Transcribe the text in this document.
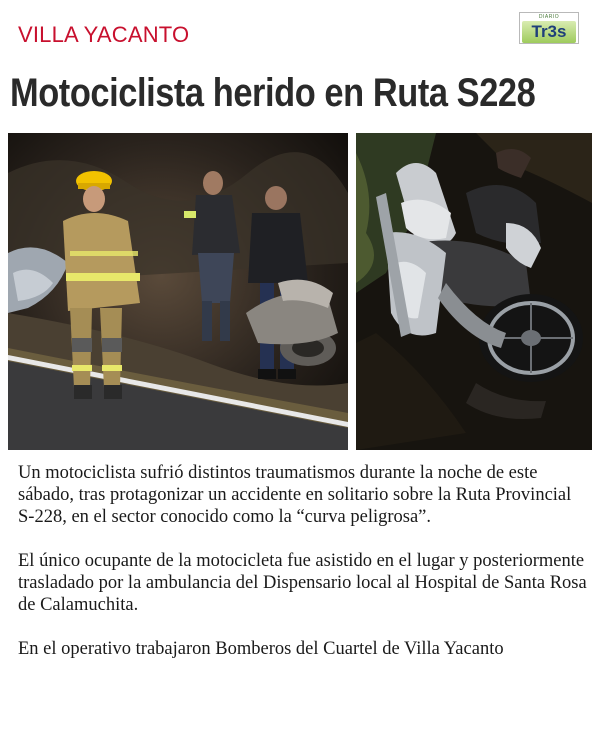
VILLA YACANTO
DIARIO
Tr3s
Motociclista herido en Ruta S228

Un motociclista sufrió distintos traumatismos durante la noche de este sábado, tras protagonizar un accidente en solitario sobre la Ruta Provincial S-228, en el sector conocido como la “curva peligrosa”.

El único ocupante de la motocicleta fue asistido en el lugar y posteriormente trasladado por la ambulancia del Dispensario local al Hospital de Santa Rosa de Calamuchita.

En el operativo trabajaron Bomberos del Cuartel de Villa Yacanto
